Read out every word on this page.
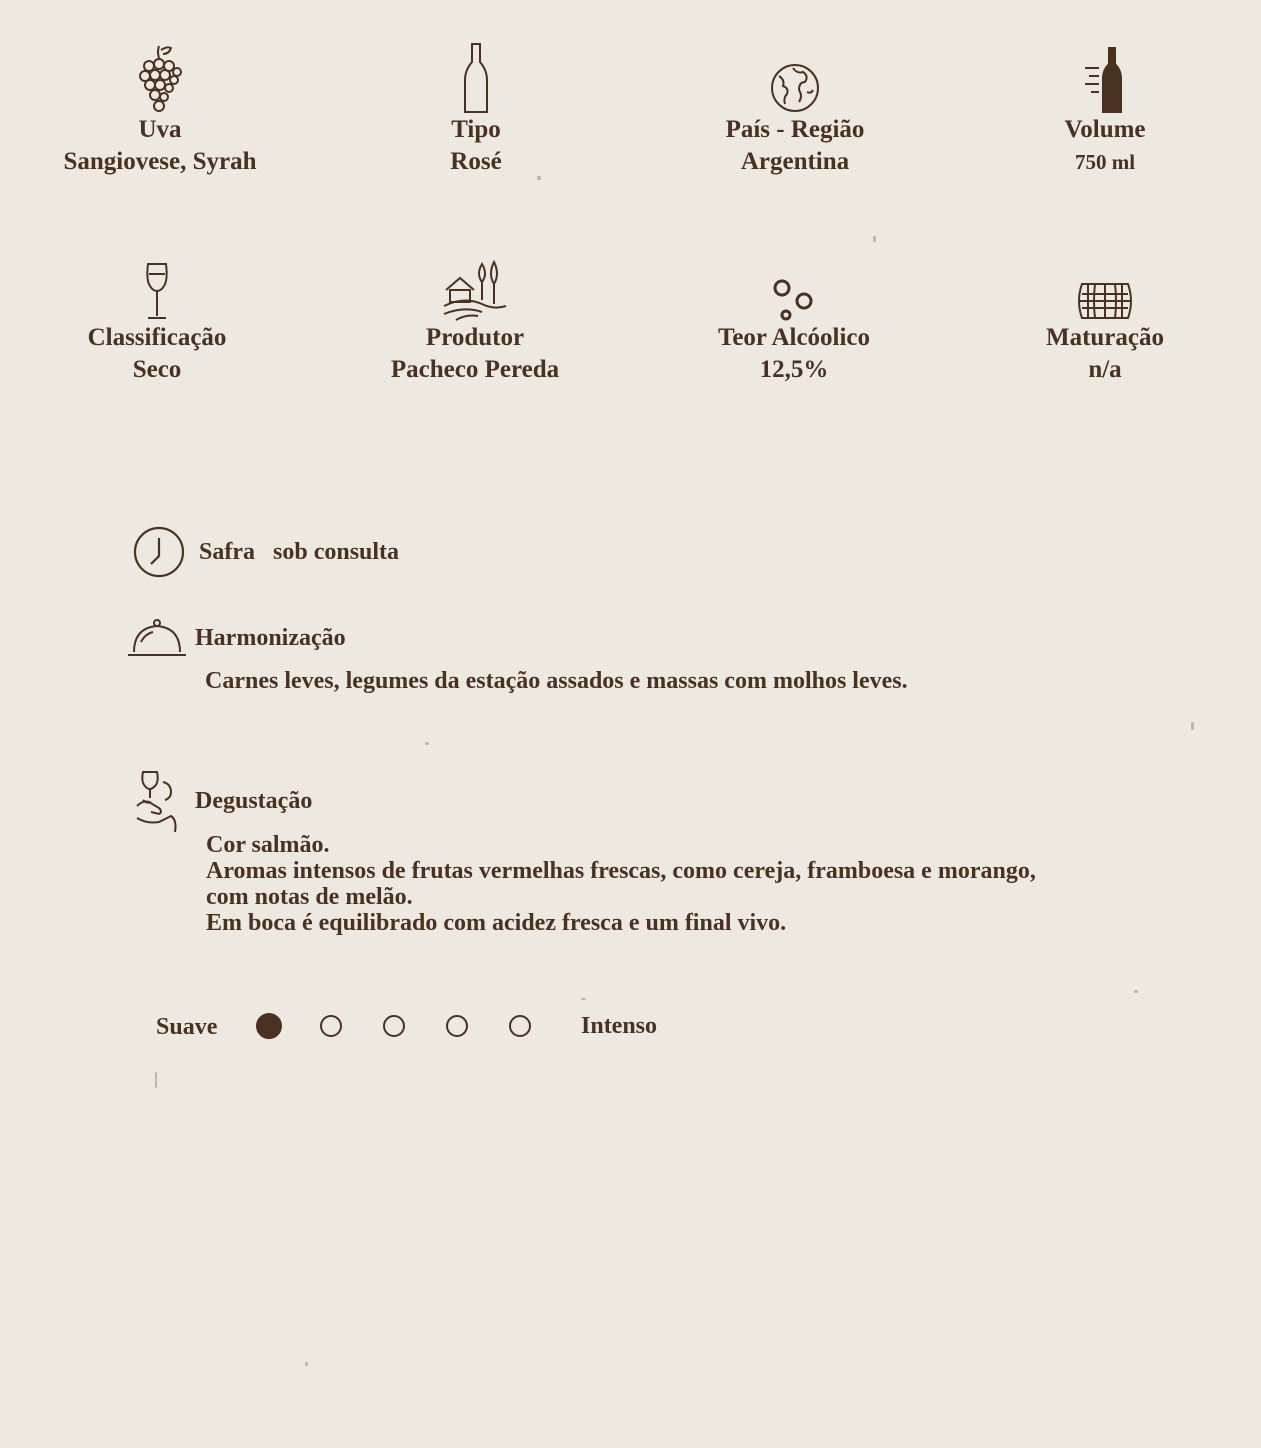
Uva
Sangiovese, Syrah
Tipo
Rosé
País - Região
Argentina
Volume
750 ml
Classificação
Seco
Produtor
Pacheco Pereda
Teor Alcóolico
12,5%
Maturação
n/a
Safra sob consulta
Harmonização
Carnes leves, legumes da estação assados e massas com molhos leves.
Degustação
Cor salmão.
Aromas intensos de frutas vermelhas frescas, como cereja, framboesa e morango,
com notas de melão.
Em boca é equilibrado com acidez fresca e um final vivo.
Suave	Intenso
